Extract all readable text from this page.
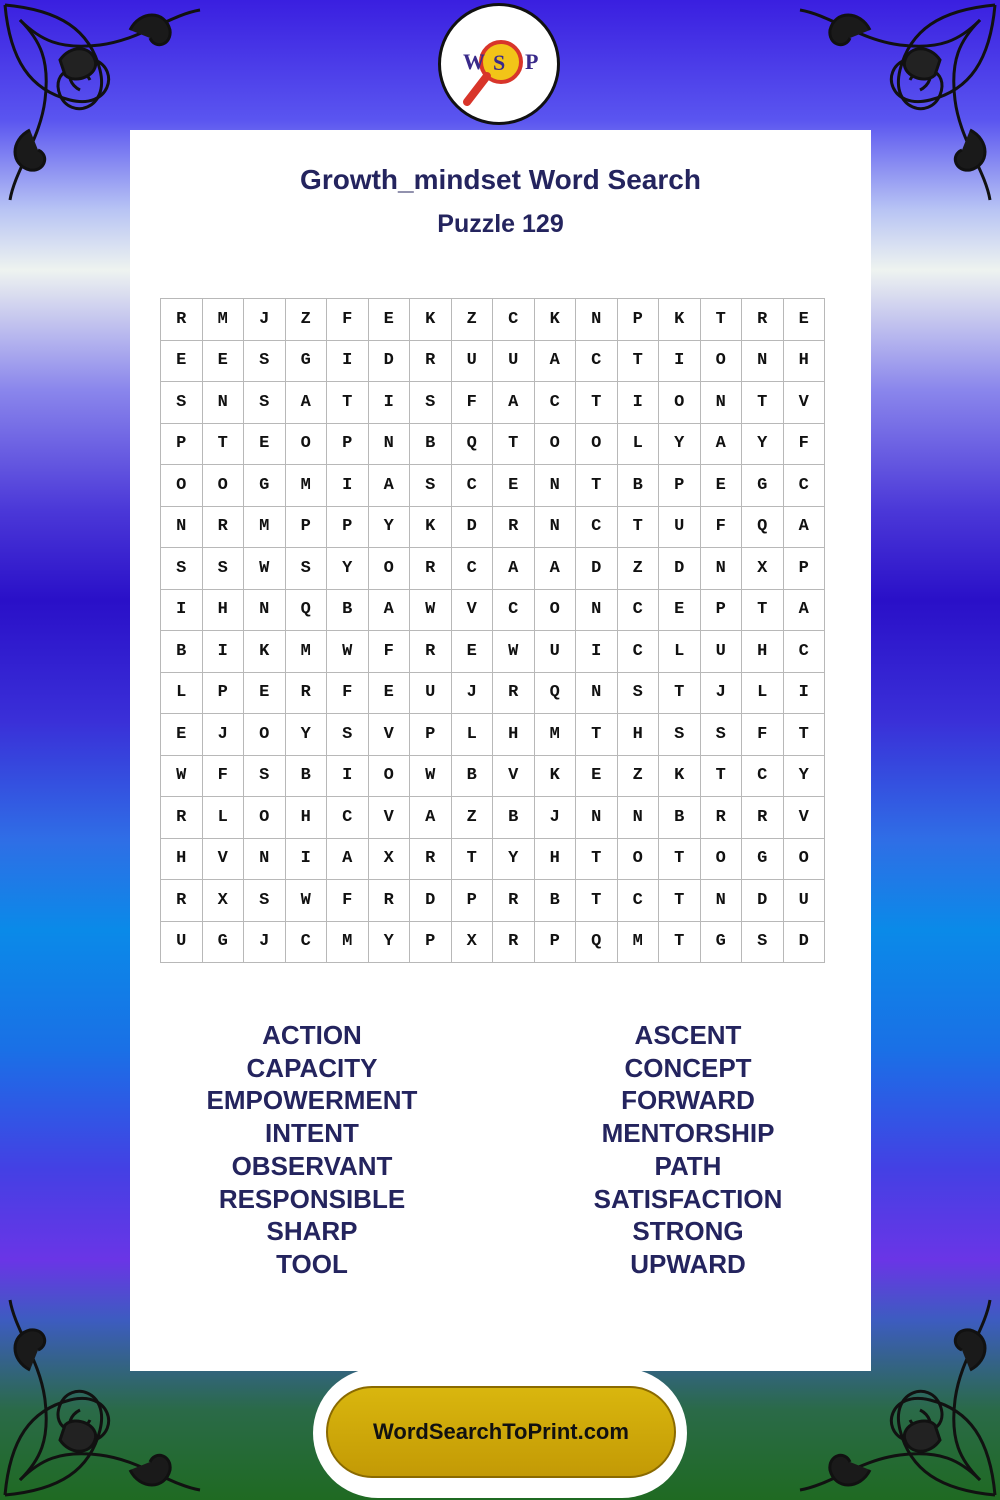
W S P
Growth_mindset Word Search
Puzzle 129
R	M	J	Z	F	E	K	Z	C	K	N	P	K	T	R	E
E	E	S	G	I	D	R	U	U	A	C	T	I	O	N	H
S	N	S	A	T	I	S	F	A	C	T	I	O	N	T	V
P	T	E	O	P	N	B	Q	T	O	O	L	Y	A	Y	F
O	O	G	M	I	A	S	C	E	N	T	B	P	E	G	C
N	R	M	P	P	Y	K	D	R	N	C	T	U	F	Q	A
S	S	W	S	Y	O	R	C	A	A	D	Z	D	N	X	P
I	H	N	Q	B	A	W	V	C	O	N	C	E	P	T	A
B	I	K	M	W	F	R	E	W	U	I	C	L	U	H	C
L	P	E	R	F	E	U	J	R	Q	N	S	T	J	L	I
E	J	O	Y	S	V	P	L	H	M	T	H	S	S	F	T
W	F	S	B	I	O	W	B	V	K	E	Z	K	T	C	Y
R	L	O	H	C	V	A	Z	B	J	N	N	B	R	R	V
H	V	N	I	A	X	R	T	Y	H	T	O	T	O	G	O
R	X	S	W	F	R	D	P	R	B	T	C	T	N	D	U
U	G	J	C	M	Y	P	X	R	P	Q	M	T	G	S	D
ACTION
CAPACITY
EMPOWERMENT
INTENT
OBSERVANT
RESPONSIBLE
SHARP
TOOL
ASCENT
CONCEPT
FORWARD
MENTORSHIP
PATH
SATISFACTION
STRONG
UPWARD
WordSearchToPrint.com
